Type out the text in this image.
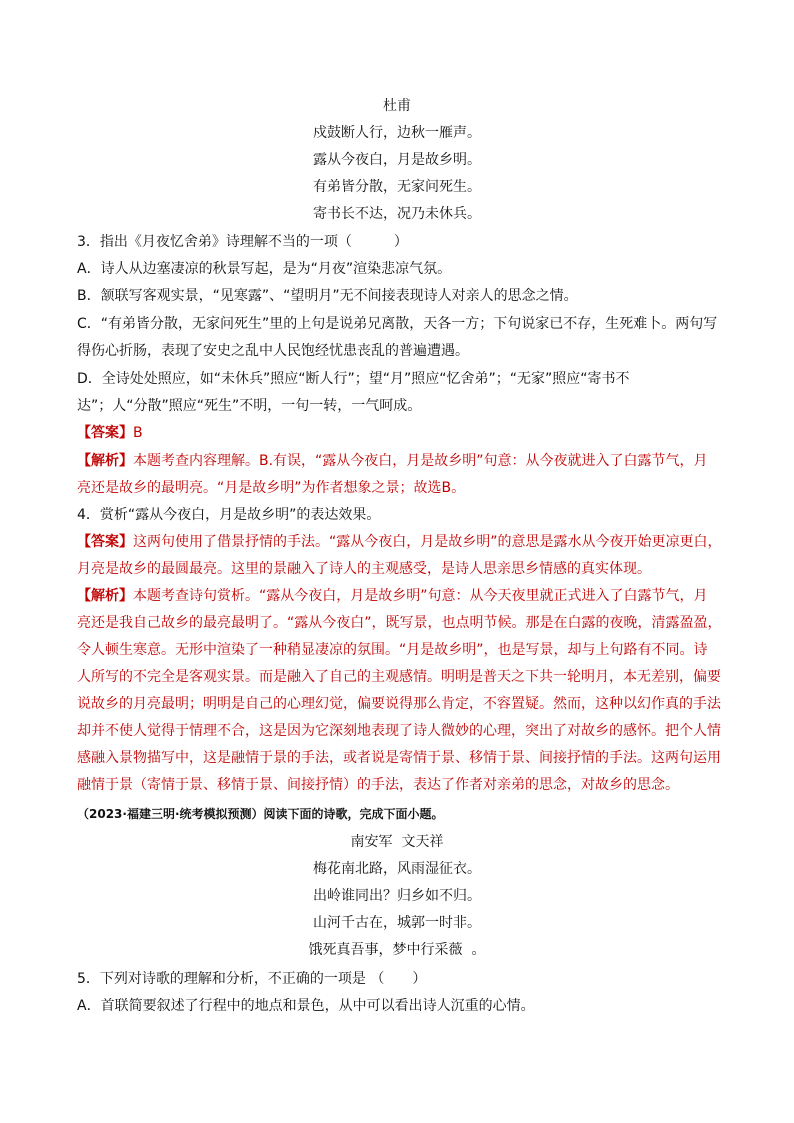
杜甫
戍鼓断人行，边秋一雁声。
露从今夜白，月是故乡明。
有弟皆分散，无家问死生。
寄书长不达，况乃未休兵。
3．指出《月夜忆舍弟》诗理解不当的一项（　　　）
A．诗人从边塞凄凉的秋景写起，是为“月夜”渲染悲凉气氛。
B．颔联写客观实景，“见寒露”、“望明月”无不间接表现诗人对亲人的思念之情。
C．“有弟皆分散，无家问死生”里的上句是说弟兄离散，天各一方；下句说家已不存，生死难卜。两句写
得伤心折肠，表现了安史之乱中人民饱经忧患丧乱的普遍遭遇。
D．全诗处处照应，如“未休兵”照应“断人行”；望“月”照应“忆舍弟”；“无家”照应“寄书不
达”；人“分散”照应“死生”不明，一句一转，一气呵成。
【答案】B
【解析】本题考查内容理解。B.有误，“露从今夜白，月是故乡明”句意：从今夜就进入了白露节气，月
亮还是故乡的最明亮。“月是故乡明”为作者想象之景；故选B。
4．赏析“露从今夜白，月是故乡明”的表达效果。
【答案】这两句使用了借景抒情的手法。“露从今夜白，月是故乡明”的意思是露水从今夜开始更凉更白，
月亮是故乡的最圆最亮。这里的景融入了诗人的主观感受，是诗人思亲思乡情感的真实体现。
【解析】本题考查诗句赏析。“露从今夜白，月是故乡明”句意：从今天夜里就正式进入了白露节气，月
亮还是我自己故乡的最亮最明了。“露从今夜白”，既写景，也点明节候。那是在白露的夜晚，清露盈盈，
令人顿生寒意。无形中渲染了一种稍显凄凉的氛围。“月是故乡明”，也是写景，却与上句路有不同。诗
人所写的不完全是客观实景。而是融入了自己的主观感情。明明是普天之下共一轮明月，本无差别，偏要
说故乡的月亮最明；明明是自己的心理幻觉，偏要说得那么肯定，不容置疑。然而，这种以幻作真的手法
却并不使人觉得于情理不合，这是因为它深刻地表现了诗人微妙的心理，突出了对故乡的感怀。把个人情
感融入景物描写中，这是融情于景的手法，或者说是寄情于景、移情于景、间接抒情的手法。这两句运用
融情于景（寄情于景、移情于景、间接抒情）的手法，表达了作者对亲弟的思念，对故乡的思念。
（2023·福建三明·统考模拟预测）阅读下面的诗歌，完成下面小题。
南安军  文天祥
梅花南北路，风雨湿征衣。
出岭谁同出？归乡如不归。
山河千古在，城郭一时非。
饿死真吾事，梦中行采薇  。
5．下列对诗歌的理解和分析，不正确的一项是 （　　）
A．首联简要叙述了行程中的地点和景色，从中可以看出诗人沉重的心情。
